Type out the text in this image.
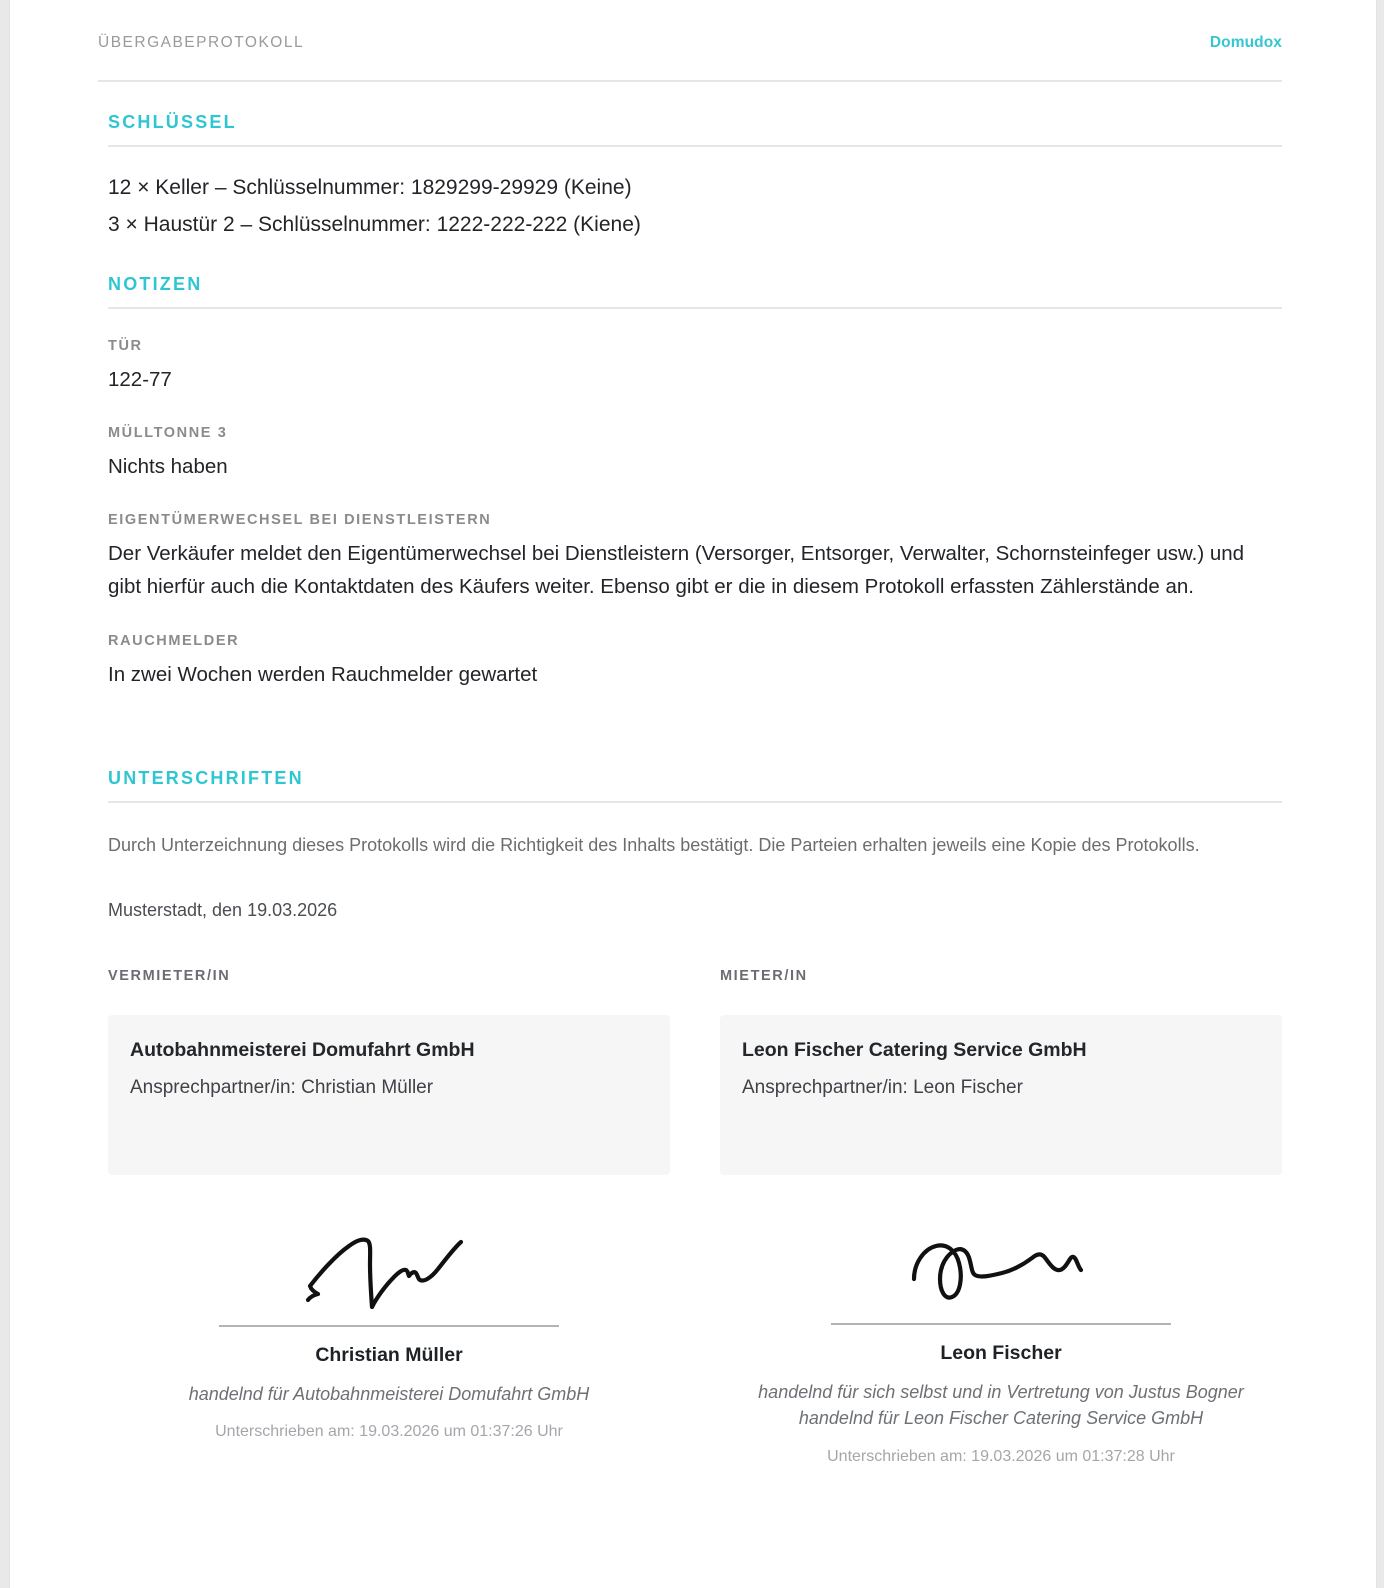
ÜBERGABEPROTOKOLL	Domudox
SCHLÜSSEL
12 × Keller – Schlüsselnummer: 1829299-29929 (Keine)
3 × Haustür 2 – Schlüsselnummer: 1222-222-222 (Kiene)
NOTIZEN
TÜR
122-77
MÜLLTONNE 3
Nichts haben
EIGENTÜMERWECHSEL BEI DIENSTLEISTERN
Der Verkäufer meldet den Eigentümerwechsel bei Dienstleistern (Versorger, Entsorger, Verwalter, Schornsteinfeger usw.) und gibt hierfür auch die Kontaktdaten des Käufers weiter. Ebenso gibt er die in diesem Protokoll erfassten Zählerstände an.
RAUCHMELDER
In zwei Wochen werden Rauchmelder gewartet
UNTERSCHRIFTEN
Durch Unterzeichnung dieses Protokolls wird die Richtigkeit des Inhalts bestätigt. Die Parteien erhalten jeweils eine Kopie des Protokolls.
Musterstadt, den 19.03.2026
VERMIETER/IN
Autobahnmeisterei Domufahrt GmbH
Ansprechpartner/in: Christian Müller
MIETER/IN
Leon Fischer Catering Service GmbH
Ansprechpartner/in: Leon Fischer
Christian Müller
handelnd für Autobahnmeisterei Domufahrt GmbH
Unterschrieben am: 19.03.2026 um 01:37:26 Uhr
Leon Fischer
handelnd für sich selbst und in Vertretung von Justus Bogner
handelnd für Leon Fischer Catering Service GmbH
Unterschrieben am: 19.03.2026 um 01:37:28 Uhr
